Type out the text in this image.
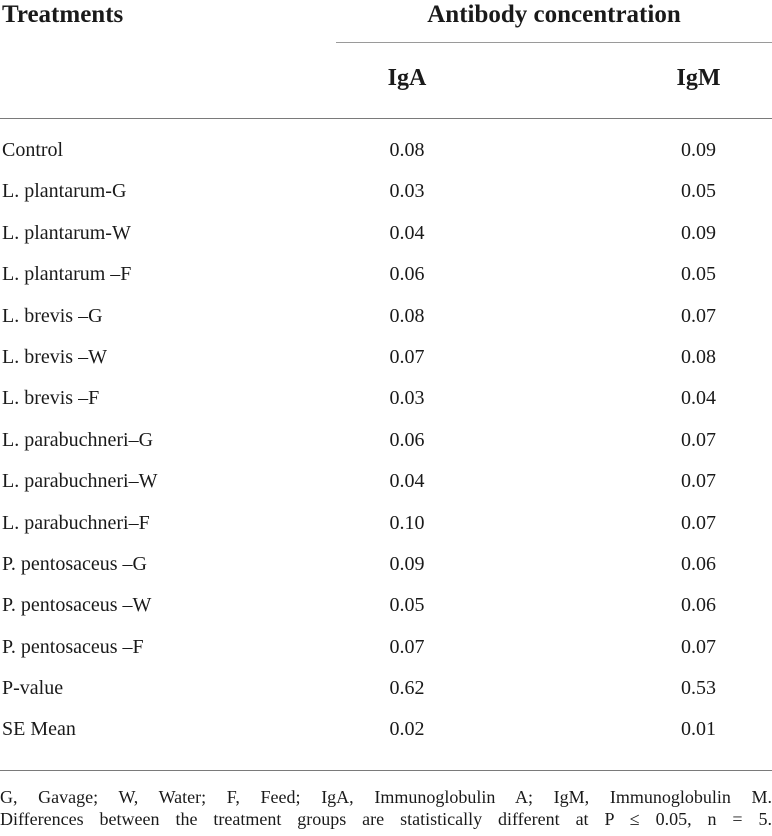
Treatments	Antibody concentration
IgA	IgM
Control	0.08	0.09
L. plantarum-G	0.03	0.05
L. plantarum-W	0.04	0.09
L. plantarum –F	0.06	0.05
L. brevis –G	0.08	0.07
L. brevis –W	0.07	0.08
L. brevis –F	0.03	0.04
L. parabuchneri–G	0.06	0.07
L. parabuchneri–W	0.04	0.07
L. parabuchneri–F	0.10	0.07
P. pentosaceus –G	0.09	0.06
P. pentosaceus –W	0.05	0.06
P. pentosaceus –F	0.07	0.07
P-value	0.62	0.53
SE Mean	0.02	0.01
G, Gavage; W, Water; F, Feed; IgA, Immunoglobulin A; IgM, Immunoglobulin M.
Differences between the treatment groups are statistically different at P ≤ 0.05, n = 5.
